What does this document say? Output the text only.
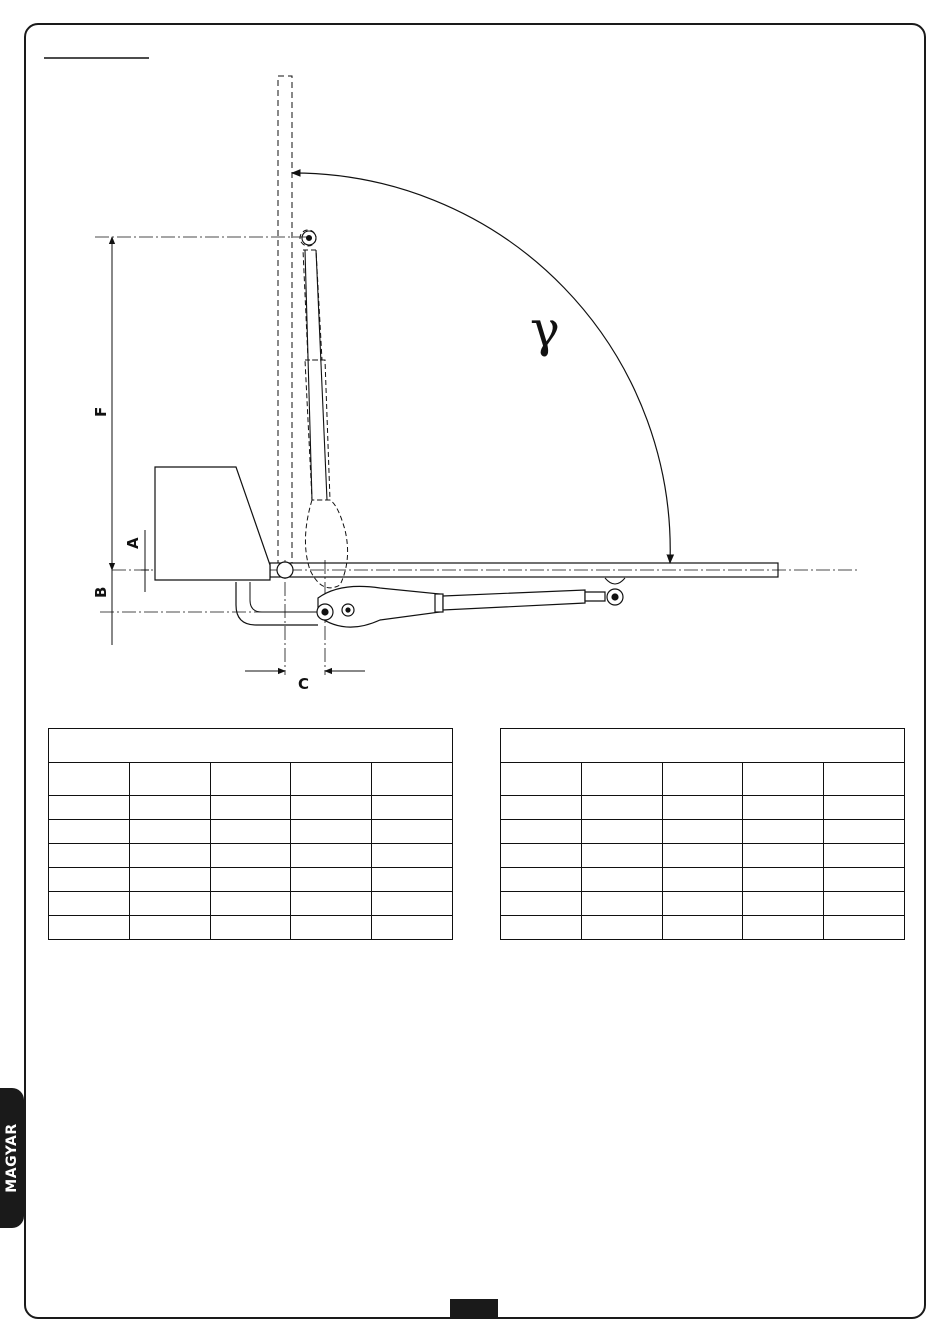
γ
A
B
F
C

MAGYAR
